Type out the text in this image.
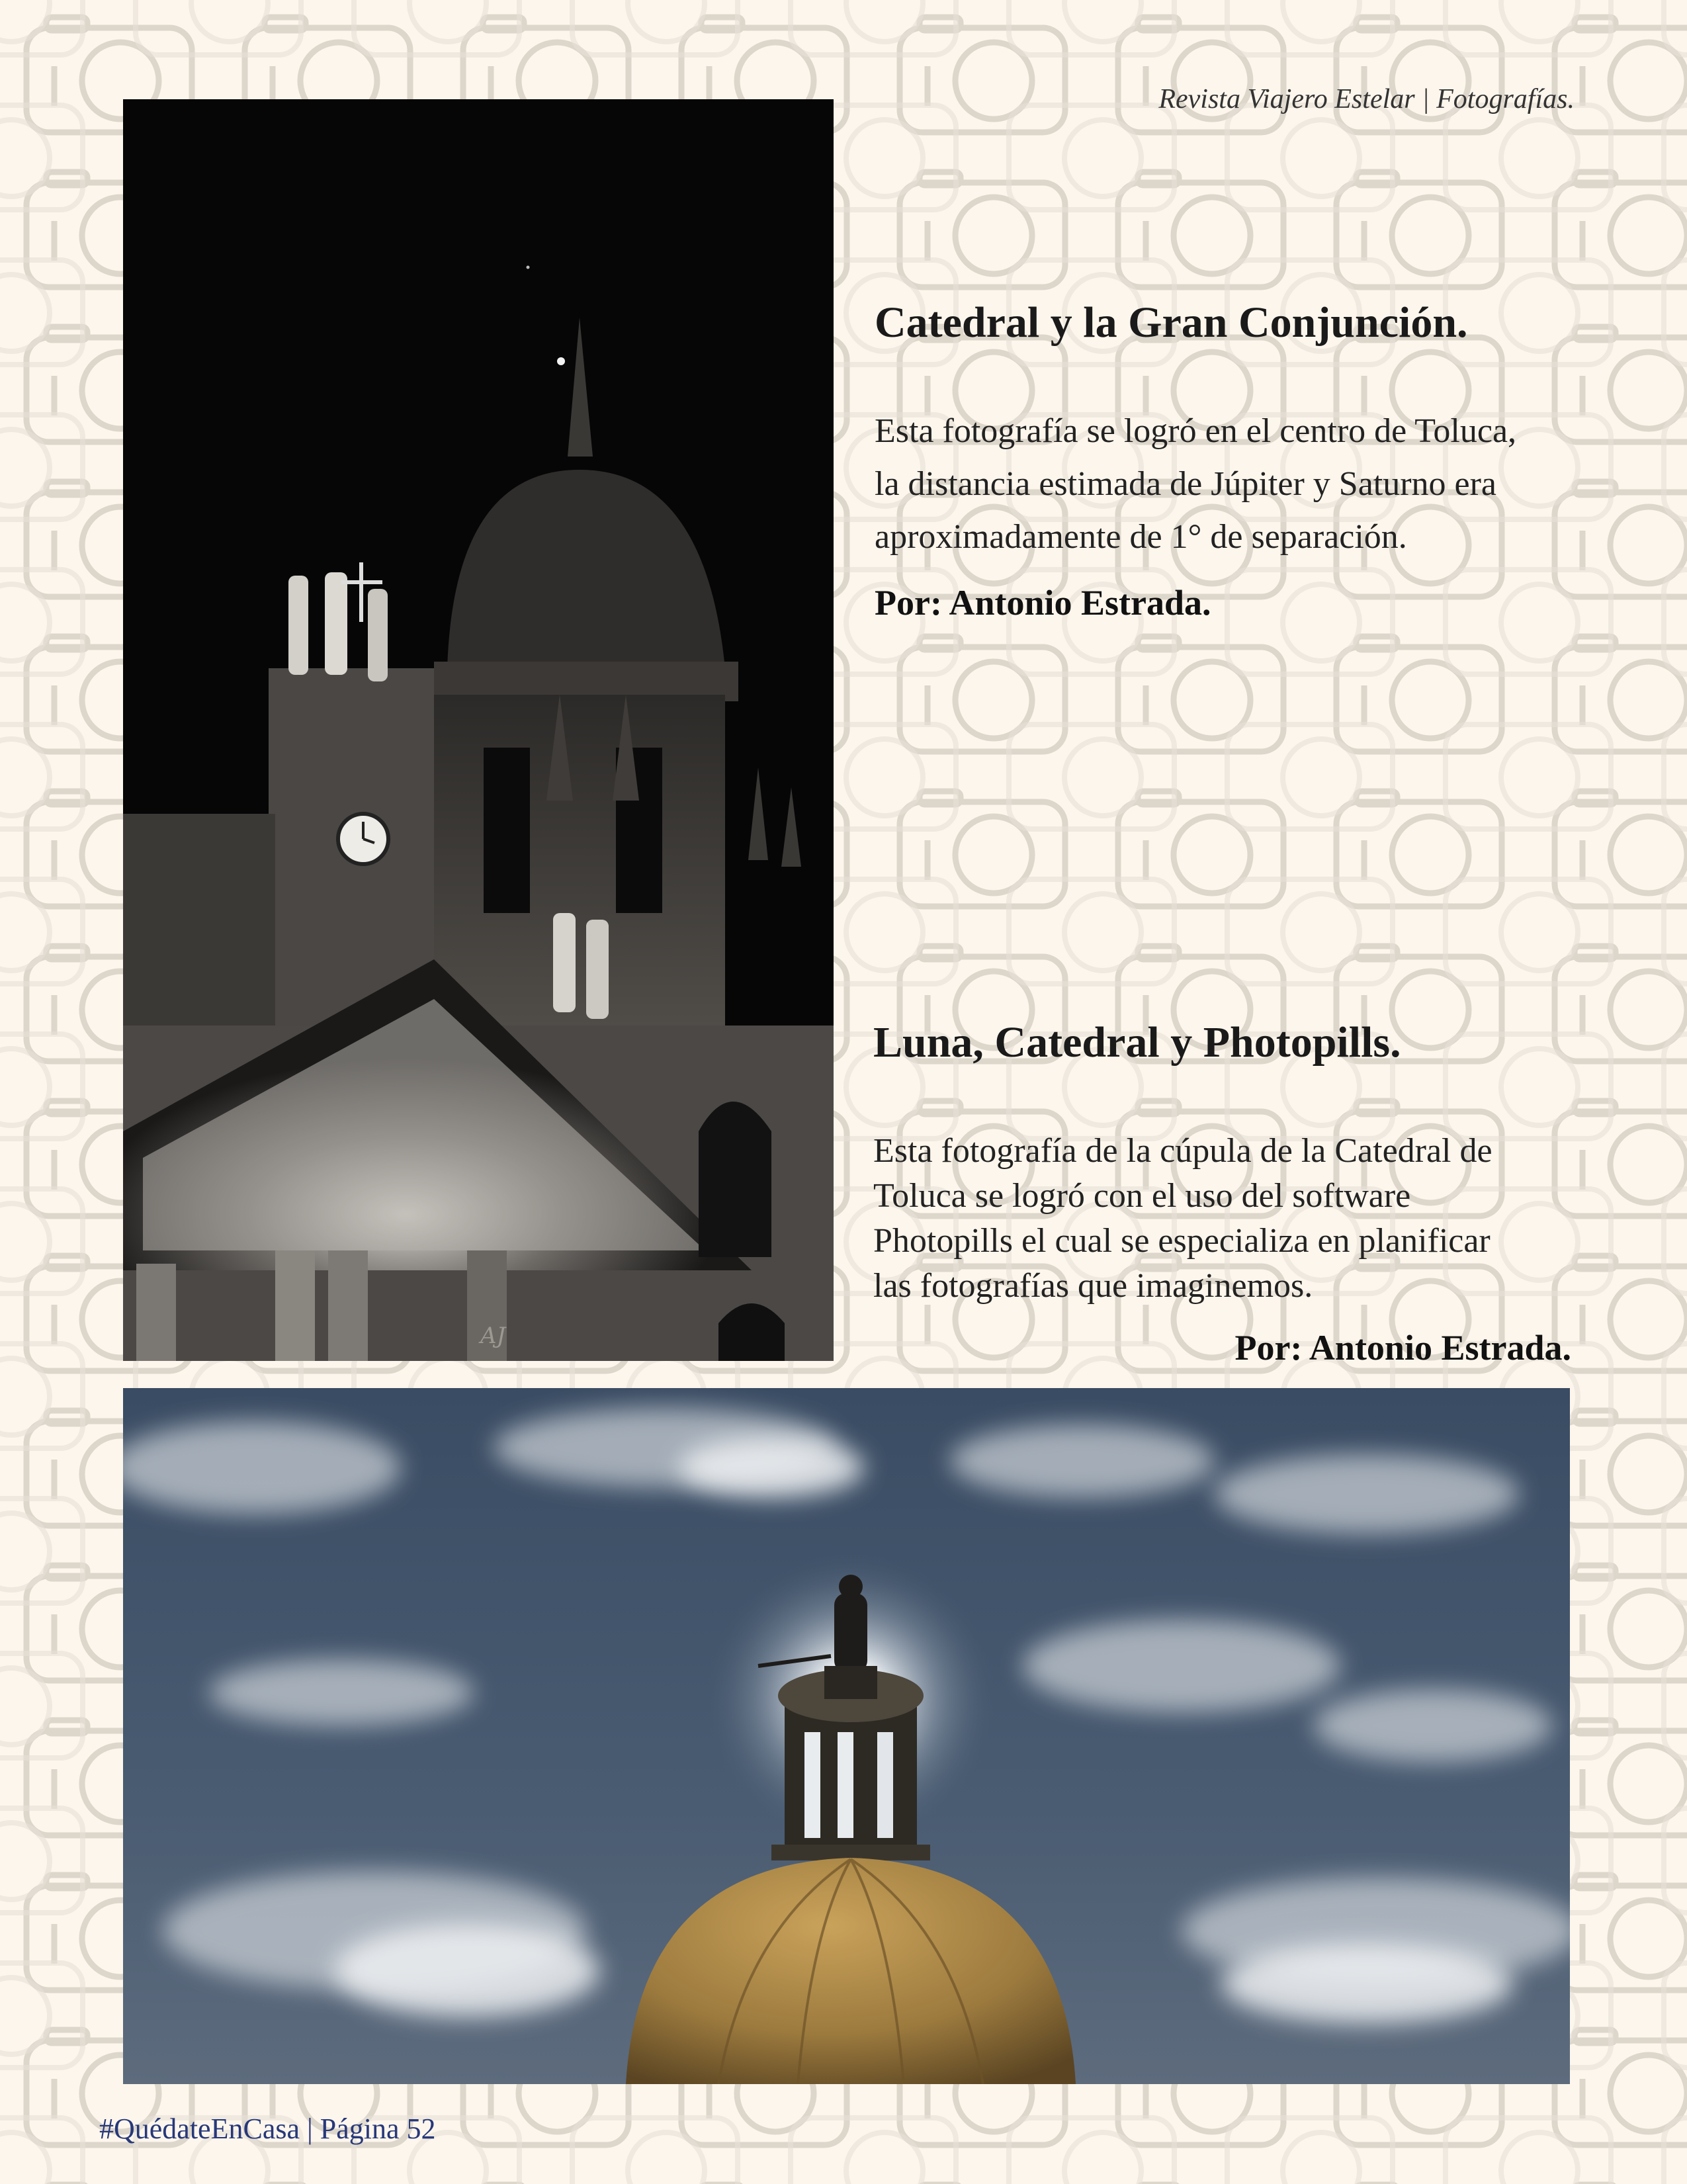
Revista Viajero Estelar | Fotografías.
AJ
Catedral y la Gran Conjunción.

Esta fotografía se logró en el centro de Toluca,
la distancia estimada de Júpiter y Saturno era
aproximadamente de 1° de separación.

Por: Antonio Estrada.
Luna, Catedral y Photopills.

Esta fotografía de la cúpula de la Catedral de
Toluca se logró con el uso del software
Photopills el cual se especializa en planificar
las fotografías que imaginemos.

Por: Antonio Estrada.
#QuédateEnCasa | Página 52
